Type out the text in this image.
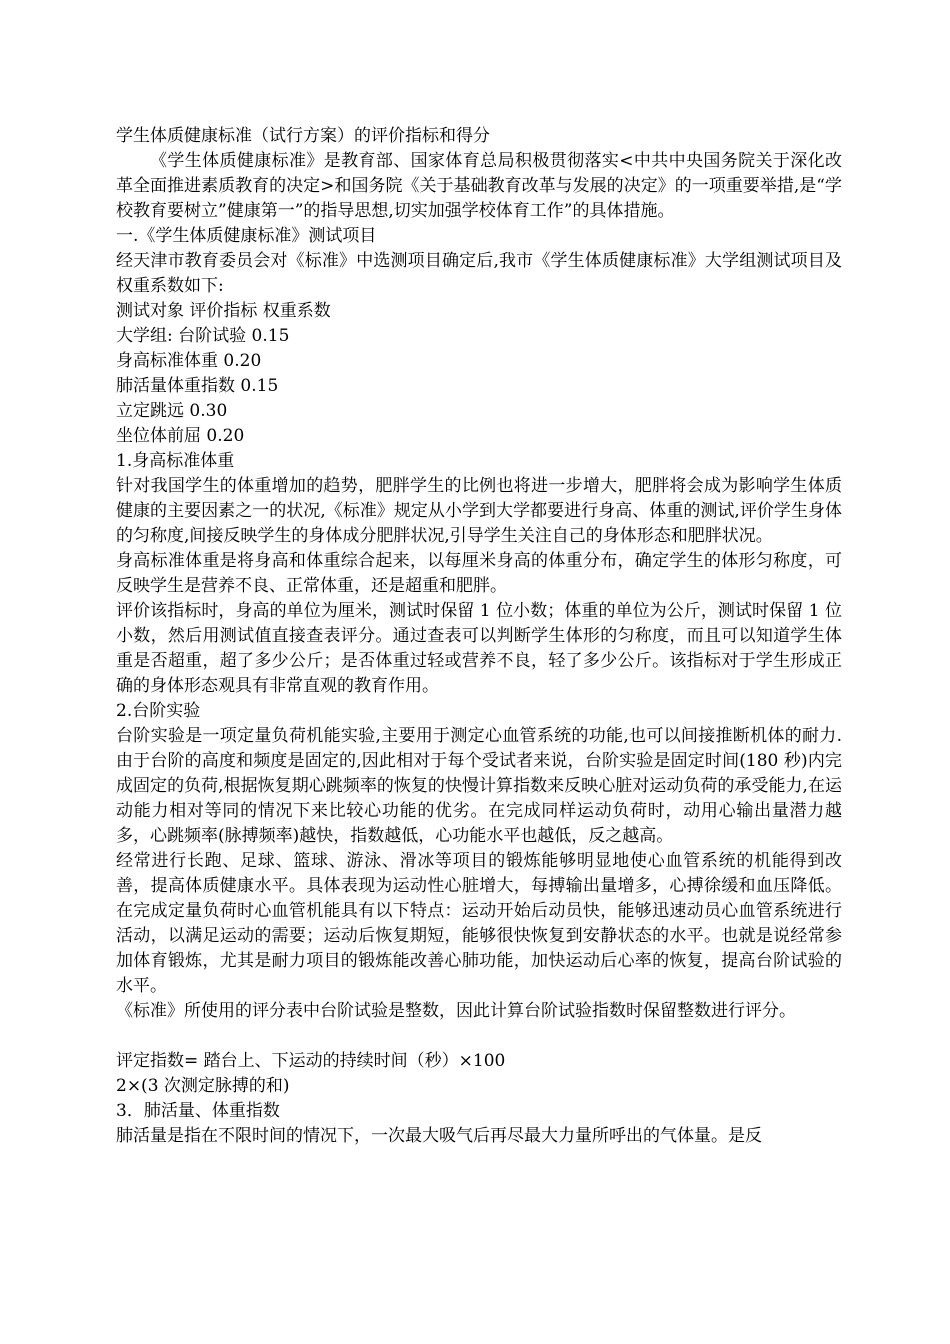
学生体质健康标准（试行方案）的评价指标和得分

《学生体质健康标准》是教育部、国家体育总局积极贯彻落实<中共中央国务院关于深化改革全面推进素质教育的决定>和国务院《关于基础教育改革与发展的决定》的一项重要举措,是“学校教育要树立”健康第一”的指导思想,切实加强学校体育工作”的具体措施。

一.《学生体质健康标准》测试项目

经天津市教育委员会对《标准》中选测项目确定后,我市《学生体质健康标准》大学组测试项目及权重系数如下:

测试对象 评价指标 权重系数
大学组: 台阶试验 0.15
身高标准体重 0.20
肺活量体重指数 0.15
立定跳远 0.30
坐位体前屈 0.20
1.身高标准体重

针对我国学生的体重增加的趋势，肥胖学生的比例也将进一步增大，肥胖将会成为影响学生体质健康的主要因素之一的状况,《标准》规定从小学到大学都要进行身高、体重的测试,评价学生身体的匀称度,间接反映学生的身体成分肥胖状况,引导学生关注自己的身体形态和肥胖状况。

身高标准体重是将身高和体重综合起来，以每厘米身高的体重分布，确定学生的体形匀称度，可反映学生是营养不良、正常体重，还是超重和肥胖。

评价该指标时，身高的单位为厘米，测试时保留 1 位小数；体重的单位为公斤，测试时保留 1 位小数，然后用测试值直接查表评分。通过查表可以判断学生体形的匀称度，而且可以知道学生体重是否超重，超了多少公斤；是否体重过轻或营养不良，轻了多少公斤。该指标对于学生形成正确的身体形态观具有非常直观的教育作用。

2.台阶实验

台阶实验是一项定量负荷机能实验,主要用于测定心血管系统的功能,也可以间接推断机体的耐力.由于台阶的高度和频度是固定的,因此相对于每个受试者来说，台阶实验是固定时间(180 秒)内完成固定的负荷,根据恢复期心跳频率的恢复的快慢计算指数来反映心脏对运动负荷的承受能力,在运动能力相对等同的情况下来比较心功能的优劣。在完成同样运动负荷时，动用心输出量潜力越多，心跳频率(脉搏频率)越快，指数越低，心功能水平也越低，反之越高。

经常进行长跑、足球、篮球、游泳、滑冰等项目的锻炼能够明显地使心血管系统的机能得到改善，提高体质健康水平。具体表现为运动性心脏增大，每搏输出量增多，心搏徐缓和血压降低。在完成定量负荷时心血管机能具有以下特点：运动开始后动员快，能够迅速动员心血管系统进行活动，以满足运动的需要；运动后恢复期短，能够很快恢复到安静状态的水平。也就是说经常参加体育锻炼，尤其是耐力项目的锻炼能改善心肺功能，加快运动后心率的恢复，提高台阶试验的水平。

《标准》所使用的评分表中台阶试验是整数，因此计算台阶试验指数时保留整数进行评分。

评定指数= 踏台上、下运动的持续时间（秒）×100
2×(3 次测定脉搏的和)
3．肺活量、体重指数

肺活量是指在不限时间的情况下，一次最大吸气后再尽最大力量所呼出的气体量。是反
